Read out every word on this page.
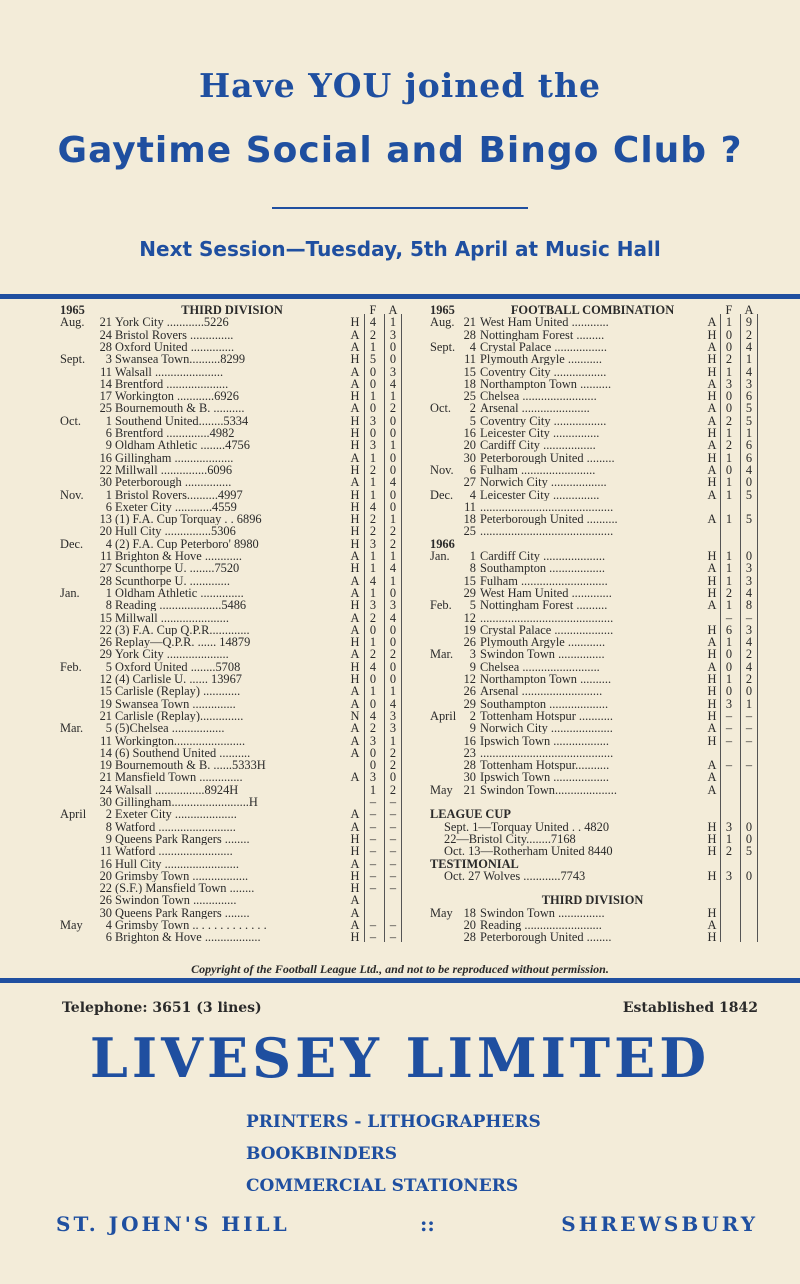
Have YOU joined the
Gaytime Social and Bingo Club ?
Next Session—Tuesday, 5th April at Music Hall
1965	THIRD DIVISION	F A
Aug.	21 York City ............5226	H 4	1
24 Bristol Rovers ..............	A 2	3
28 Oxford United ..............	A 1	0
Sept.	3 Swansea Town..........8299	H 5	0
11 Walsall ......................	A 0	3
14 Brentford ....................	A 0	4
17 Workington ............6926	H 1	1
25 Bournemouth & B. ..........	A 0	2
Oct.	1 Southend United........5334	H 3	0
6 Brentford ..............4982	H 0	0
9 Oldham Athletic ........4756	H 3	1
16 Gillingham ...................	A 1	0
22 Millwall ...............6096	H 2	0
30 Peterborough ...............	A 1	4
Nov.	1 Bristol Rovers..........4997	H 1	0
6 Exeter City ............4559	H 4	0
13 (1) F.A. Cup Torquay . . 6896	H 2	1
20 Hull City ...............5306	H 2	2
Dec.	4 (2) F.A. Cup Peterboro' 8980	H 3	2
11 Brighton & Hove ............	A 1	1
27 Scunthorpe U. ........7520	H 1	4
28 Scunthorpe U. .............	A 4	1
Jan.	1 Oldham Athletic ..............	A 1	0
8 Reading ....................5486	H 3	3
15 Millwall ......................	A 2	4
22 (3) F.A. Cup Q.P.R.............	A 0	0
26 Replay—Q.P.R. ...... 14879	H 1	0
29 York City ....................	A 2	2
Feb.	5 Oxford United ........5708	H 4	0
12 (4) Carlisle U. ...... 13967	H 0	0
15 Carlisle (Replay) ............	A 1	1
19 Swansea Town ..............	A 0	4
21 Carlisle (Replay)..............	N 4	3
Mar.	5 (5)Chelsea .................	A 2	3
11 Workington.......................	A 3	1
14 (6) Southend United ..........	A 0	2
19 Bournemouth & B. ......5333H	0	2
21 Mansfield Town ..............	A 3	0
24 Walsall ................8924H	1	2
30 Gillingham.........................H	–	–
April	2 Exeter City ....................	A –	–
8 Watford .........................	A –	–
9 Queens Park Rangers ........	H –	–
11 Watford ........................	H –	–
16 Hull City ........................	A –	–
20 Grimsby Town ..................	H –	–
22 (S.F.) Mansfield Town ........	H –	–
26 Swindon Town ..............	A
30 Queens Park Rangers ........	A
May	4 Grimsby Town .. . . . . . . . . . . .	A –	–
6 Brighton & Hove ..................	H –	–
1965	FOOTBALL COMBINATION	F A
Aug. 21 West Ham United ............	A 1	9
28 Nottingham Forest .........	H 0	2
Sept.	4 Crystal Palace .................	A 0	4
11 Plymouth Argyle ...........	H 2	1
15 Coventry City .................	H 1	4
18 Northampton Town ..........	A 3	3
25 Chelsea ........................	H 0	6
Oct.	2 Arsenal ......................	A 0	5
5 Coventry City .................	A 2	5
16 Leicester City ...............	H 1	1
20 Cardiff City .................	A 2	6
30 Peterborough United .........	H 1	6
Nov.	6 Fulham ........................	A 0	4
27 Norwich City ..................	H 1	0
Dec.	4 Leicester City ...............	A 1	5
11 ...........................................
18 Peterborough United ..........	A 1	5
25 ...........................................
1966
Jan.	1 Cardiff City ....................	H 1	0
8 Southampton ..................	A 1	3
15 Fulham ............................	H 1	3
29 West Ham United .............	H 2	4
Feb.	5 Nottingham Forest ..........	A 1	8
12 ...........................................	–	–
19 Crystal Palace ...................	H 6	3
26 Plymouth Argyle ............	A 1	4
Mar.	3 Swindon Town ...............	H 0	2
9 Chelsea .........................	A 0	4
12 Northampton Town ..........	H 1	2
26 Arsenal ..........................	H 0	0
29 Southampton ...................	H 3	1
April	2 Tottenham Hotspur ...........	H –	–
9 Norwich City ....................	A –	–
16 Ipswich Town ..................	H –	–
23 ...........................................
28 Tottenham Hotspur...........	A –	–
30 Ipswich Town ..................	A
May 21 Swindon Town....................	A
LEAGUE CUP
Sept. 1—Torquay United . . 4820	H 3	0
22—Bristol City........7168	H 1	0
Oct. 13—Rotherham United 8440	H 2	5
TESTIMONIAL
Oct. 27 Wolves ............7743	H 3	0
THIRD DIVISION
May 18 Swindon Town ...............	H
20 Reading .........................	A
28 Peterborough United ........	H
Copyright of the Football League Ltd., and not to be reproduced without permission.
Telephone: 3651 (3 lines)	Established 1842
LIVESEY LIMITED
PRINTERS - LITHOGRAPHERS
BOOKBINDERS
COMMERCIAL STATIONERS
ST. JOHN'S HILL	::	SHREWSBURY
